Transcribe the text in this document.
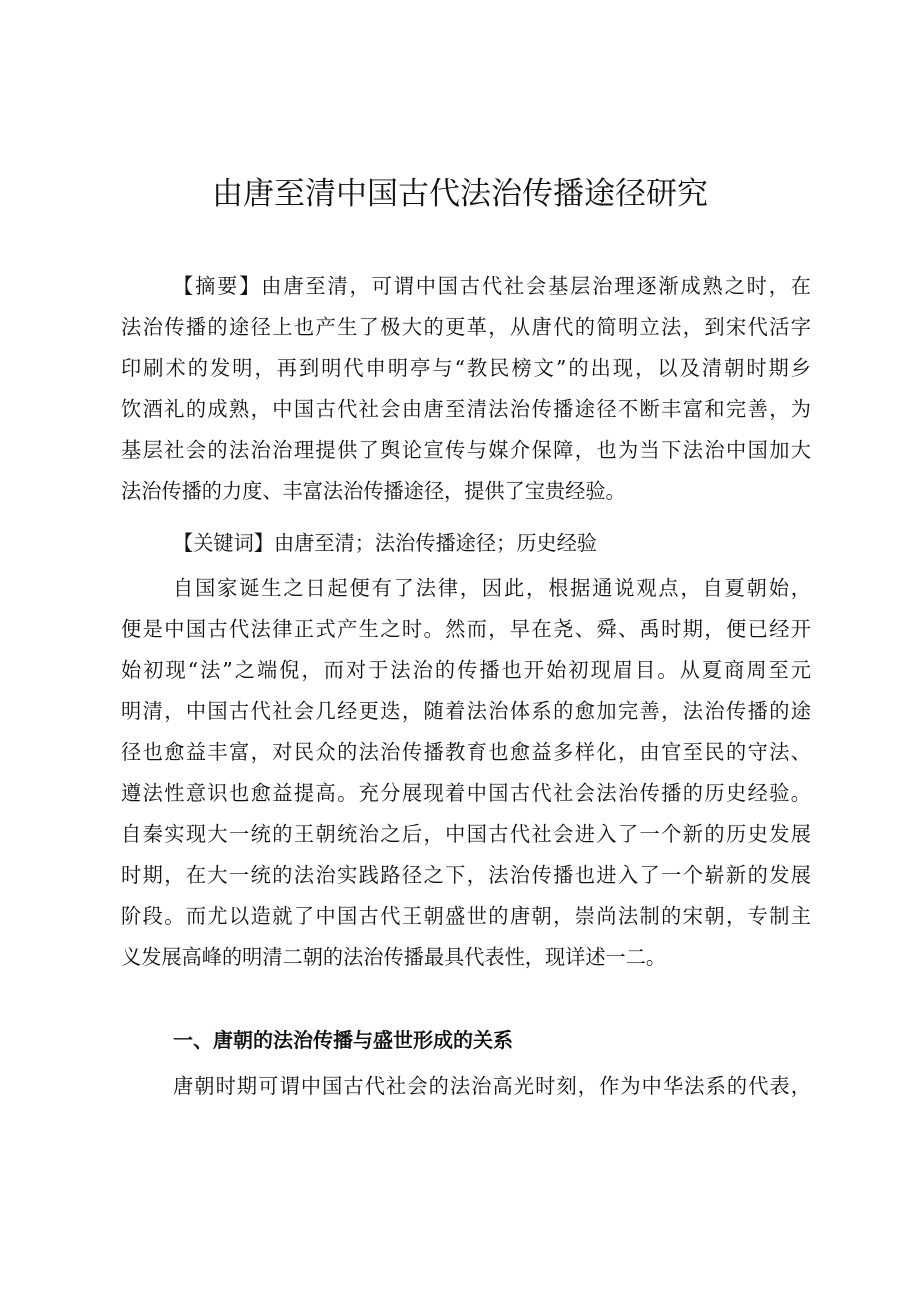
由唐至清中国古代法治传播途径研究

【摘要】由唐至清，可谓中国古代社会基层治理逐渐成熟之时，在

法治传播的途径上也产生了极大的更革，从唐代的简明立法，到宋代活字

印刷术的发明，再到明代申明亭与“教民榜文”的出现，以及清朝时期乡

饮酒礼的成熟，中国古代社会由唐至清法治传播途径不断丰富和完善，为

基层社会的法治治理提供了舆论宣传与媒介保障，也为当下法治中国加大

法治传播的力度、丰富法治传播途径，提供了宝贵经验。

【关键词】由唐至清；法治传播途径；历史经验

自国家诞生之日起便有了法律，因此，根据通说观点，自夏朝始，

便是中国古代法律正式产生之时。然而，早在尧、舜、禹时期，便已经开

始初现“法”之端倪，而对于法治的传播也开始初现眉目。从夏商周至元

明清，中国古代社会几经更迭，随着法治体系的愈加完善，法治传播的途

径也愈益丰富，对民众的法治传播教育也愈益多样化，由官至民的守法、

遵法性意识也愈益提高。充分展现着中国古代社会法治传播的历史经验。

自秦实现大一统的王朝统治之后，中国古代社会进入了一个新的历史发展

时期，在大一统的法治实践路径之下，法治传播也进入了一个崭新的发展

阶段。而尤以造就了中国古代王朝盛世的唐朝，崇尚法制的宋朝，专制主

义发展高峰的明清二朝的法治传播最具代表性，现详述一二。

一、唐朝的法治传播与盛世形成的关系

唐朝时期可谓中国古代社会的法治高光时刻，作为中华法系的代表，
